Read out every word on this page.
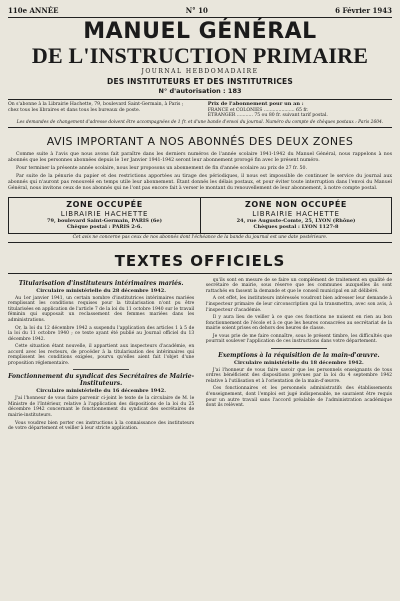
110e ANNÉE	N° 10	6 Février 1943
MANUEL GÉNÉRAL
DE L'INSTRUCTION PRIMAIRE
JOURNAL HEBDOMADAIRE
DES INSTITUTEURS ET DES INSTITUTRICES
N° d'autorisation : 183
On s'abonne à la Librairie Hachette, 79, boulevard Saint-Germain, à Paris ; chez tous les libraires et dans tous les bureaux de poste.
Prix de l'abonnement pour un an :
FRANCE et COLONIES ..................... 65 fr.
ÉTRANGER ........... 75 ou 80 fr. suivant tarif postal.
Les demandes de changement d'adresse doivent être accompagnées de 1 fr. et d'une bande d'envoi du journal. Numéro du compte de chèques postaux : Paris 2604.
AVIS IMPORTANT A NOS ABONNÉS DES DEUX ZONES

Comme suite à l'avis que nous avons fait paraître dans les derniers numéros de l'année scolaire 1941-1942 du Manuel Général, nous rappelons à nos abonnés que les personnes abonnées depuis le 1er Janvier 1941-1942 seront leur abonnement prorogé fin avec le présent numéro.

Pour terminer la présente année scolaire, nous leur proposons un abonnement de fin d'année scolaire au prix de 27 fr. 50.

Par suite de la pénurie du papier et des restrictions apportées au tirage des périodiques, il nous est impossible de continuer le service du journal aux abonnés qui n'auront pas renouvelé en temps utile leur abonnement. Étant donnés les délais postaux, et pour éviter toute interruption dans l'envoi du Manuel Général, nous invitons ceux de nos abonnés qui ne l'ont pas encore fait à verser le montant du renouvellement de leur abonnement, à notre compte postal.

ZONE OCCUPÉE
LIBRAIRIE HACHETTE
79, boulevard Saint-Germain, PARIS (6e)
Chèque postal : PARIS 2-6.
ZONE NON OCCUPÉE
LIBRAIRIE HACHETTE
24, rue Auguste-Comte, 25, LYON (Rhône)
Chèques postal : LYON 1127-8
Cet avis ne concerne pas ceux de nos abonnés dont l'échéance de la bande du journal est une date postérieure.
TEXTES OFFICIELS
Titularisation d'instituteurs intérimaires mariés.
Circulaire ministérielle du 28 décembre 1942.

Au 1er janvier 1941, un certain nombre d'institutrices intérimaires mariées remplissant les conditions requises pour la titularisation n'ont pu être titularisées en application de l'article 7 de la loi du 11 octobre 1940 sur le travail féminin qui supposait un reclassement des femmes mariées dans les administrations.

Or, la loi du 12 décembre 1942 a suspendu l'application des articles 1 à 5 de la loi du 11 octobre 1940 ; ce texte ayant été publié au Journal officiel du 13 décembre 1942.

Cette situation étant nouvelle, il appartient aux inspecteurs d'académie, en accord avec les recteurs, de procéder à la titularisation des intérimaires qui remplissent les conditions exigées, pourvu qu'elles aient fait l'objet d'une proposition réglementaire.

Fonctionnement du syndicat des Secrétaires de Mairie-Instituteurs.
Circulaire ministérielle du 16 décembre 1942.

J'ai l'honneur de vous faire parvenir ci-joint le texte de la circulaire de M. le Ministre de l'Intérieur, relative à l'application des dispositions de la loi du 25 décembre 1942 concernant le fonctionnement du syndicat des secrétaires de mairie-instituteurs.

Vous voudrez bien porter ces instructions à la connaissance des instituteurs de votre département et veiller à leur stricte application.

qu'ils sont en mesure de se faire un complément de traitement en qualité de secrétaire de mairie, sous réserve que les communes auxquelles ils sont rattachés en fassent la demande et que le conseil municipal en ait délibéré.

A cet effet, les instituteurs intéressés voudront bien adresser leur demande à l'inspecteur primaire de leur circonscription qui la transmettra, avec son avis, à l'inspecteur d'académie.

Il y aura lieu de veiller à ce que ces fonctions ne nuisent en rien au bon fonctionnement de l'école et à ce que les heures consacrées au secrétariat de la mairie soient prises en dehors des heures de classe.

Je vous prie de me faire connaître, sous le présent timbre, les difficultés que pourrait soulever l'application de ces instructions dans votre département.

Exemptions à la réquisition de la main-d'œuvre.
Circulaire ministérielle du 18 décembre 1942.

J'ai l'honneur de vous faire savoir que les personnels enseignants de tous ordres bénéficient des dispositions prévues par la loi du 4 septembre 1942 relative à l'utilisation et à l'orientation de la main-d'œuvre.

Ces fonctionnaires et les personnels administratifs des établissements d'enseignement, dont l'emploi est jugé indispensable, ne sauraient être requis pour un autre travail sans l'accord préalable de l'administration académique dont ils relèvent.
